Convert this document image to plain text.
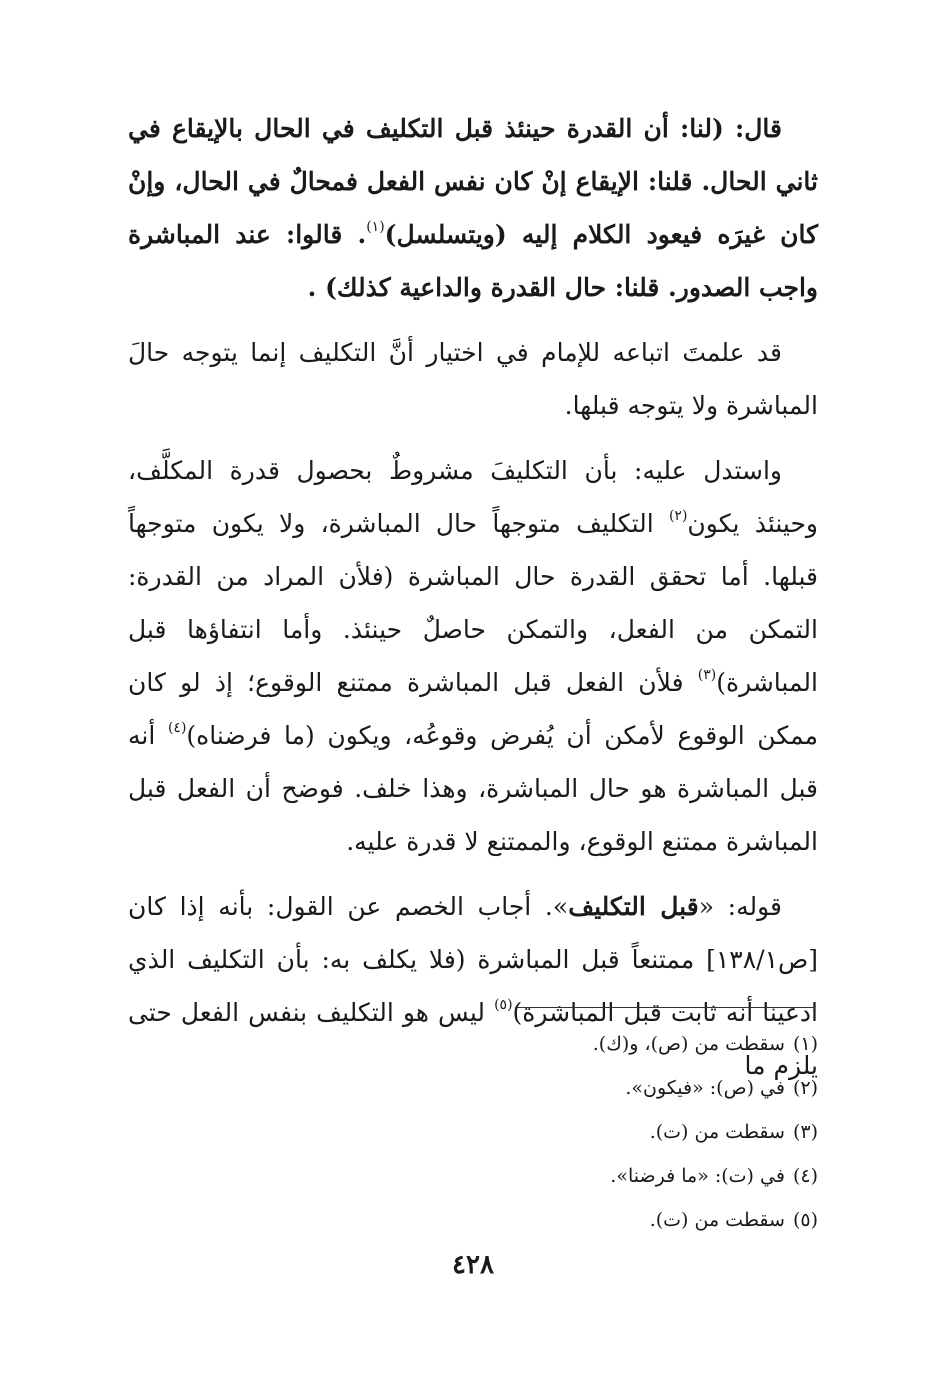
قال: (لنا: أن القدرة حينئذ قبل التكليف في الحال بالإيقاع في ثاني الحال. قلنا: الإيقاع إنْ كان نفس الفعل فمحالٌ في الحال، وإنْ كان غيرَه فيعود الكلام إليه (ويتسلسل)$^{(١)}$. قالوا: عند المباشرة واجب الصدور. قلنا: حال القدرة والداعية كذلك) .

قد علمتَ اتباعه للإمام في اختيار أنَّ التكليف إنما يتوجه حالَ المباشرة ولا يتوجه قبلها.

واستدل عليه: بأن التكليفَ مشروطٌ بحصول قدرة المكلَّف، وحينئذ يكون$^{(٢)}$ التكليف متوجهاً حال المباشرة، ولا يكون متوجهاً قبلها. أما تحقق القدرة حال المباشرة (فلأن المراد من القدرة: التمكن من الفعل، والتمكن حاصلٌ حينئذ. وأما انتفاؤها قبل المباشرة)$^{(٣)}$ فلأن الفعل قبل المباشرة ممتنع الوقوع؛ إذ لو كان ممكن الوقوع لأمكن أن يُفرض وقوعُه، ويكون (ما فرضناه)$^{(٤)}$ أنه قبل المباشرة هو حال المباشرة، وهذا خلف. فوضح أن الفعل قبل المباشرة ممتنع الوقوع، والممتنع لا قدرة عليه.

قوله: «قبل التكليف». أجاب الخصم عن القول: بأنه إذا كان [ص١٣٨/١] ممتنعاً قبل المباشرة (فلا يكلف به: بأن التكليف الذي ادعينا أنه ثابت قبل المباشرة)$^{(٥)}$ ليس هو التكليف بنفس الفعل حتى يلزم ما

(١)سقطت من (ص)، و(ك).
(٢)في (ص): «فيكون».
(٣)سقطت من (ت).
(٤)في (ت): «ما فرضنا».
(٥)سقطت من (ت).
٤٢٨
